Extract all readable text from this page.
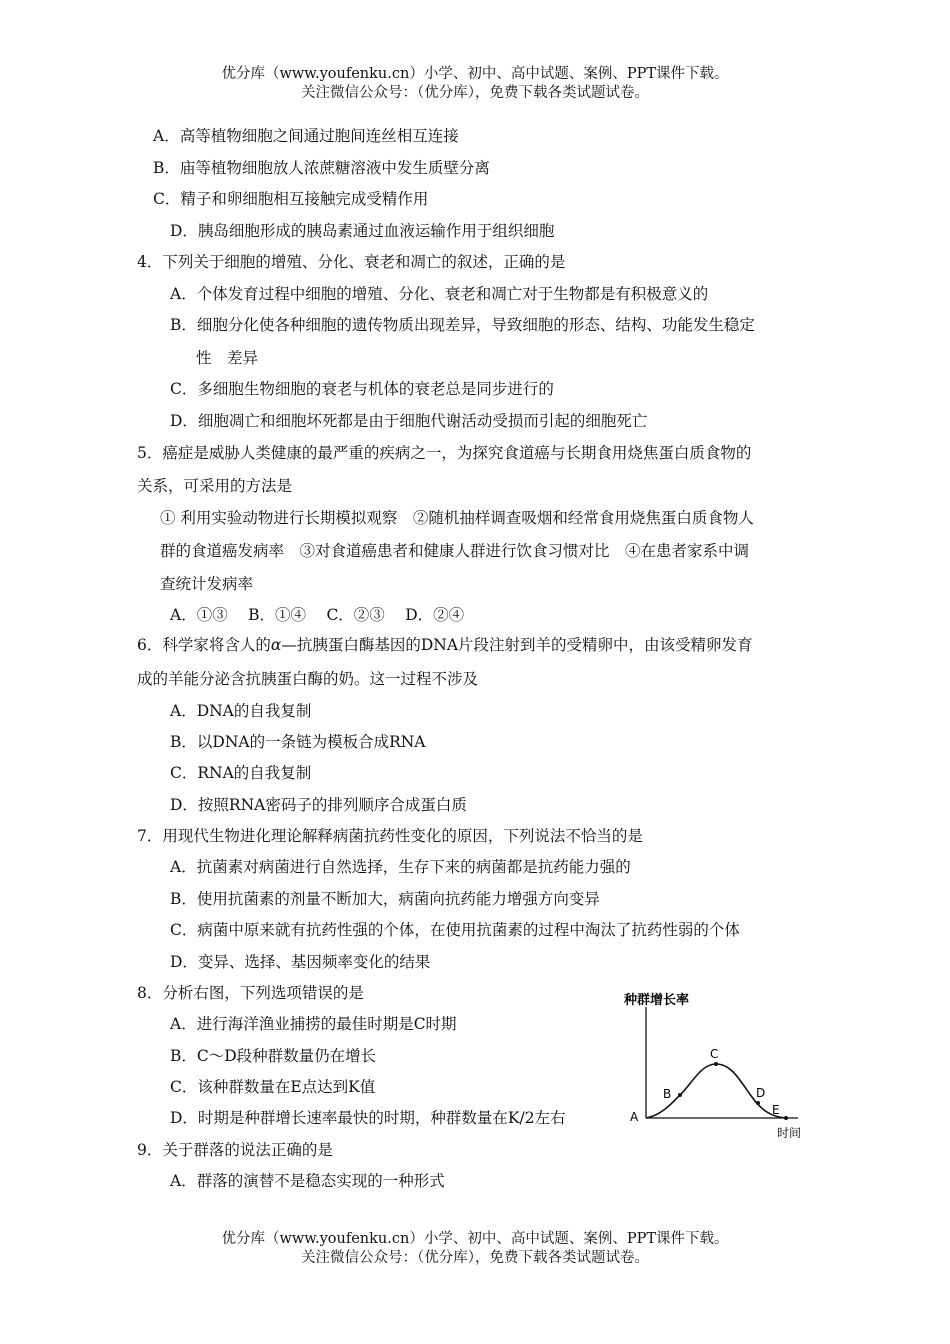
优分库（www.youfenku.cn）小学、初中、高中试题、案例、PPT课件下载。
关注微信公众号：（优分库），免费下载各类试题试卷。
A．高等植物细胞之间通过胞间连丝相互连接
B．庙等植物细胞放人浓蔗糖溶液中发生质壁分离
C．精子和卵细胞相互接触完成受精作用
D．胰岛细胞形成的胰岛素通过血液运输作用于组织细胞
4．下列关于细胞的增殖、分化、衰老和凋亡的叙述，正确的是
A．个体发育过程中细胞的增殖、分化、衰老和凋亡对于生物都是有积极意义的
B．细胞分化使各种细胞的遗传物质出现差异，导致细胞的形态、结构、功能发生稳定
性　差异
C．多细胞生物细胞的衰老与机体的衰老总是同步进行的
D．细胞凋亡和细胞坏死都是由于细胞代谢活动受损而引起的细胞死亡
5．癌症是威胁人类健康的最严重的疾病之一，为探究食道癌与长期食用烧焦蛋白质食物的
关系，可采用的方法是
① 利用实验动物进行长期模拟观察　②随机抽样调查吸烟和经常食用烧焦蛋白质食物人
群的食道癌发病率　③对食道癌患者和健康人群进行饮食习惯对比　④在患者家系中调
查统计发病率
A．①③　 B．①④　 C．②③　 D．②④
6．科学家将含人的α—抗胰蛋白酶基因的DNA片段注射到羊的受精卵中，由该受精卵发育
成的羊能分泌含抗胰蛋白酶的奶。这一过程不涉及
A．DNA的自我复制
B．以DNA的一条链为模板合成RNA
C．RNA的自我复制
D．按照RNA密码子的排列顺序合成蛋白质
7．用现代生物进化理论解释病菌抗药性变化的原因，下列说法不恰当的是
A．抗菌素对病菌进行自然选择，生存下来的病菌都是抗药能力强的
B．使用抗菌素的剂量不断加大，病菌向抗药能力增强方向变异
C．病菌中原来就有抗药性强的个体，在使用抗菌素的过程中淘汰了抗药性弱的个体
D．变异、选择、基因频率变化的结果
8．分析右图，下列选项错误的是
A．进行海洋渔业捕捞的最佳时期是C时期
B．C～D段种群数量仍在增长
C．该种群数量在E点达到K值
D．时期是种群增长速率最快的时期，种群数量在K/2左右
种群增长率
A
B
C
D
E
时间
9．关于群落的说法正确的是
A．群落的演替不是稳态实现的一种形式
优分库（www.youfenku.cn）小学、初中、高中试题、案例、PPT课件下载。
关注微信公众号：（优分库），免费下载各类试题试卷。
